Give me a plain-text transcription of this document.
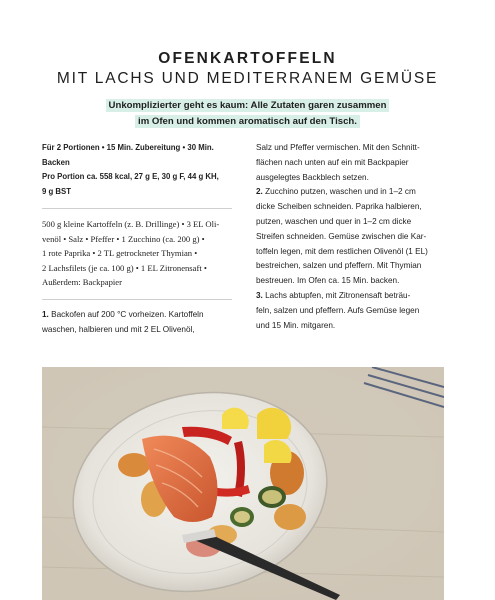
OFENKARTOFFELN
MIT LACHS UND MEDITERRANEM GEMÜSE
Unkomplizierter geht es kaum: Alle Zutaten garen zusammen
im Ofen und kommen aromatisch auf den Tisch.
Für 2 Portionen • 15 Min. Zubereitung • 30 Min.
Backen
Pro Portion ca. 558 kcal, 27 g E, 30 g F, 44 g KH,
9 g BST
500 g kleine Kartoffeln (z. B. Drillinge) • 3 EL Oli-
venöl • Salz • Pfeffer • 1 Zucchino (ca. 200 g) •
1 rote Paprika • 2 TL getrockneter Thymian •
2 Lachsfilets (je ca. 100 g) • 1 EL Zitronensaft •
Außerdem: Backpapier

1. Backofen auf 200 °C vorheizen. Kartoffeln

waschen, halbieren und mit 2 EL Olivenöl,

Salz und Pfeffer vermischen. Mit den Schnitt-

flächen nach unten auf ein mit Backpapier

ausgelegtes Backblech setzen.

2. Zucchino putzen, waschen und in 1–2 cm

dicke Scheiben schneiden. Paprika halbieren,

putzen, waschen und quer in 1–2 cm dicke

Streifen schneiden. Gemüse zwischen die Kar-

toffeln legen, mit dem restlichen Olivenöl (1 EL)

bestreichen, salzen und pfeffern. Mit Thymian

bestreuen. Im Ofen ca. 15 Min. backen.

3. Lachs abtupfen, mit Zitronensaft beträu-

feln, salzen und pfeffern. Aufs Gemüse legen

und 15 Min. mitgaren.
